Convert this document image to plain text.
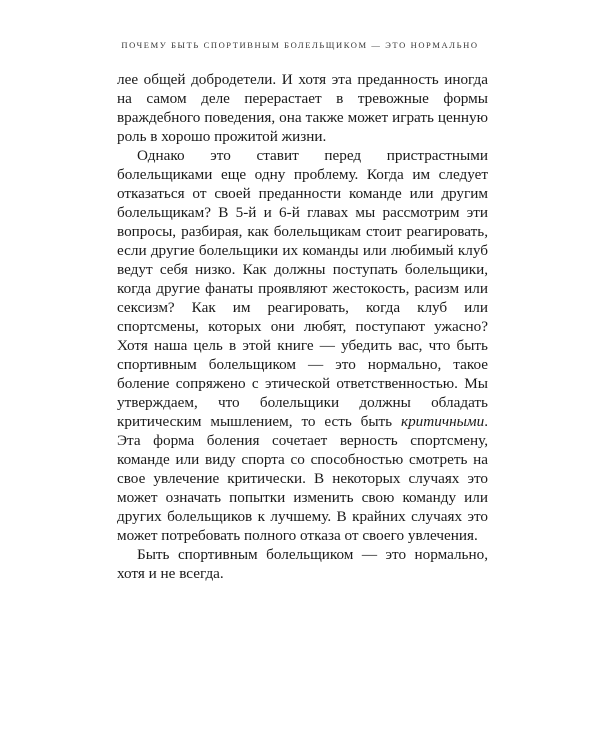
ПОЧЕМУ БЫТЬ СПОРТИВНЫМ БОЛЕЛЬЩИКОМ — ЭТО НОРМАЛЬНО

лее общей добродетели. И хотя эта преданность иногда на самом деле перерастает в тревожные формы враждебного поведения, она также может играть ценную роль в хорошо прожитой жизни.

Однако это ставит перед пристрастными болельщиками еще одну проблему. Когда им следует отказаться от своей преданности команде или другим болельщикам? В 5-й и 6-й главах мы рассмотрим эти вопросы, разбирая, как болельщикам стоит реагировать, если другие болельщики их команды или любимый клуб ведут себя низко. Как должны поступать болельщики, когда другие фанаты проявляют жестокость, расизм или сексизм? Как им реагировать, когда клуб или спортсмены, которых они любят, поступают ужасно? Хотя наша цель в этой книге — убедить вас, что быть спортивным болельщиком — это нормально, такое боление сопряжено с этической ответственностью. Мы утверждаем, что болельщики должны обладать критическим мышлением, то есть быть критичными. Эта форма боления сочетает верность спортсмену, команде или виду спорта со способностью смотреть на свое увлечение критически. В некоторых случаях это может означать попытки изменить свою команду или других болельщиков к лучшему. В крайних случаях это может потребовать полного отказа от своего увлечения.

Быть спортивным болельщиком — это нормально, хотя и не всегда.
